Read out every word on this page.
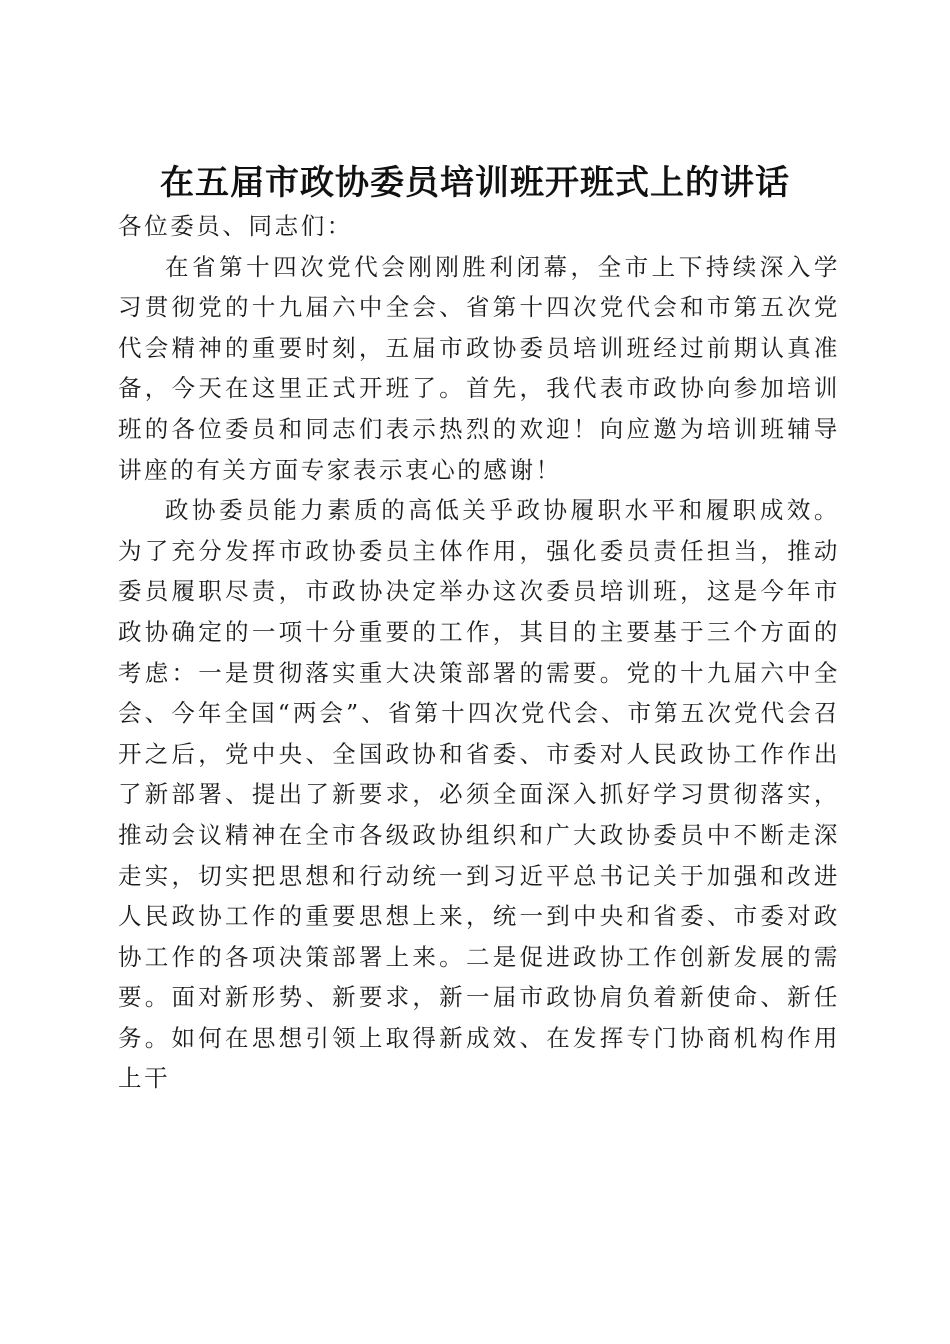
在五届市政协委员培训班开班式上的讲话

各位委员、同志们：

在省第十四次党代会刚刚胜利闭幕，全市上下持续深入学习贯彻党的十九届六中全会、省第十四次党代会和市第五次党代会精神的重要时刻，五届市政协委员培训班经过前期认真准备，今天在这里正式开班了。首先，我代表市政协向参加培训班的各位委员和同志们表示热烈的欢迎！向应邀为培训班辅导讲座的有关方面专家表示衷心的感谢！

政协委员能力素质的高低关乎政协履职水平和履职成效。为了充分发挥市政协委员主体作用，强化委员责任担当，推动委员履职尽责，市政协决定举办这次委员培训班，这是今年市政协确定的一项十分重要的工作，其目的主要基于三个方面的考虑：一是贯彻落实重大决策部署的需要。党的十九届六中全会、今年全国“两会”、省第十四次党代会、市第五次党代会召开之后，党中央、全国政协和省委、市委对人民政协工作作出了新部署、提出了新要求，必须全面深入抓好学习贯彻落实，推动会议精神在全市各级政协组织和广大政协委员中不断走深走实，切实把思想和行动统一到习近平总书记关于加强和改进人民政协工作的重要思想上来，统一到中央和省委、市委对政协工作的各项决策部署上来。二是促进政协工作创新发展的需要。面对新形势、新要求，新一届市政协肩负着新使命、新任务。如何在思想引领上取得新成效、在发挥专门协商机构作用上干
